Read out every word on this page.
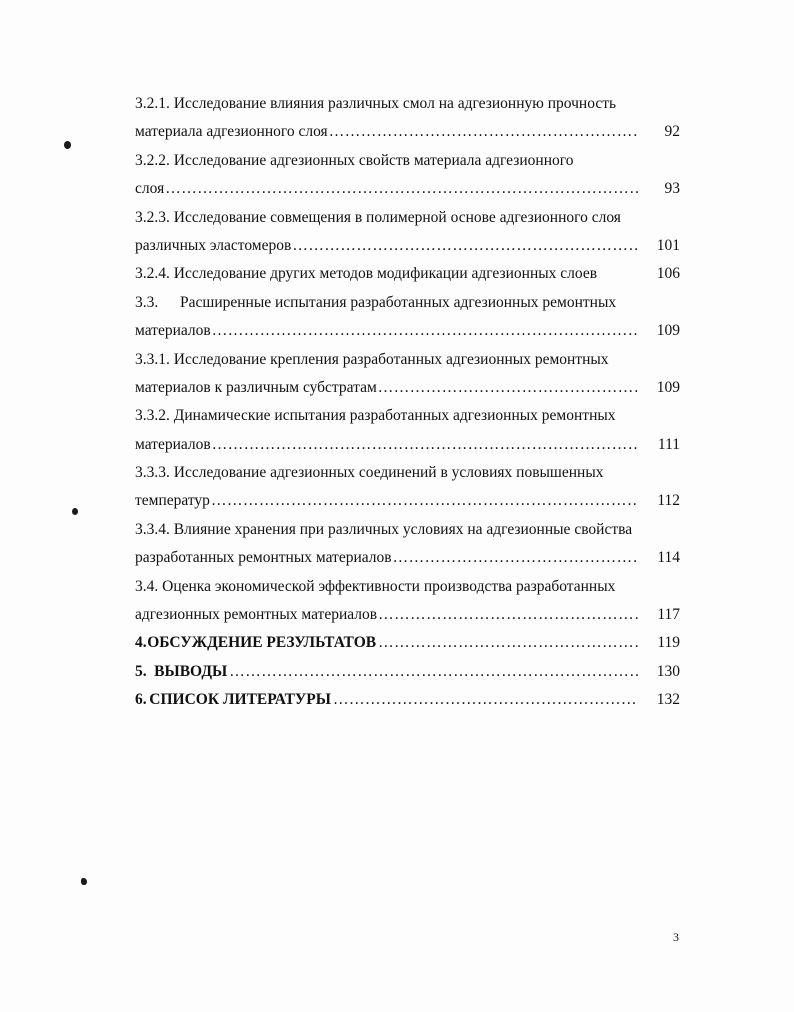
3.2.1. Исследование влияния различных смол на адгезионную прочность
материала адгезионного слоя ……………………………………………………………………………………………………………………………………………………	92
3.2.2. Исследование адгезионных свойств материала адгезионного
слоя ……………………………………………………………………………………………………………………………………………………	93
3.2.3. Исследование совмещения в полимерной основе адгезионного слоя
различных эластомеров ……………………………………………………………………………………………………………………………………………………	101
3.2.4. Исследование других методов модификации адгезионных слоев	106
3.3.	Расширенные испытания разработанных адгезионных ремонтных
материалов ……………………………………………………………………………………………………………………………………………………	109
3.3.1. Исследование крепления разработанных адгезионных ремонтных
материалов к различным субстратам ……………………………………………………………………………………………………………………………………………………	109
3.3.2. Динамические испытания разработанных адгезионных ремонтных
материалов ……………………………………………………………………………………………………………………………………………………	111
3.3.3. Исследование адгезионных соединений в условиях повышенных
температур ……………………………………………………………………………………………………………………………………………………	112
3.3.4. Влияние хранения при различных условиях на адгезионные свойства
разработанных ремонтных материалов ……………………………………………………………………………………………………………………………………………………	114
3.4. Оценка экономической эффективности производства разработанных
адгезионных ремонтных материалов ……………………………………………………………………………………………………………………………………………………	117
4. ОБСУЖДЕНИЕ РЕЗУЛЬТАТОВ ……………………………………………………………………………………………………………………………………………………	119
5. ВЫВОДЫ ……………………………………………………………………………………………………………………………………………………	130
6. СПИСОК ЛИТЕРАТУРЫ ……………………………………………………………………………………………………………………………………………………	132
3
